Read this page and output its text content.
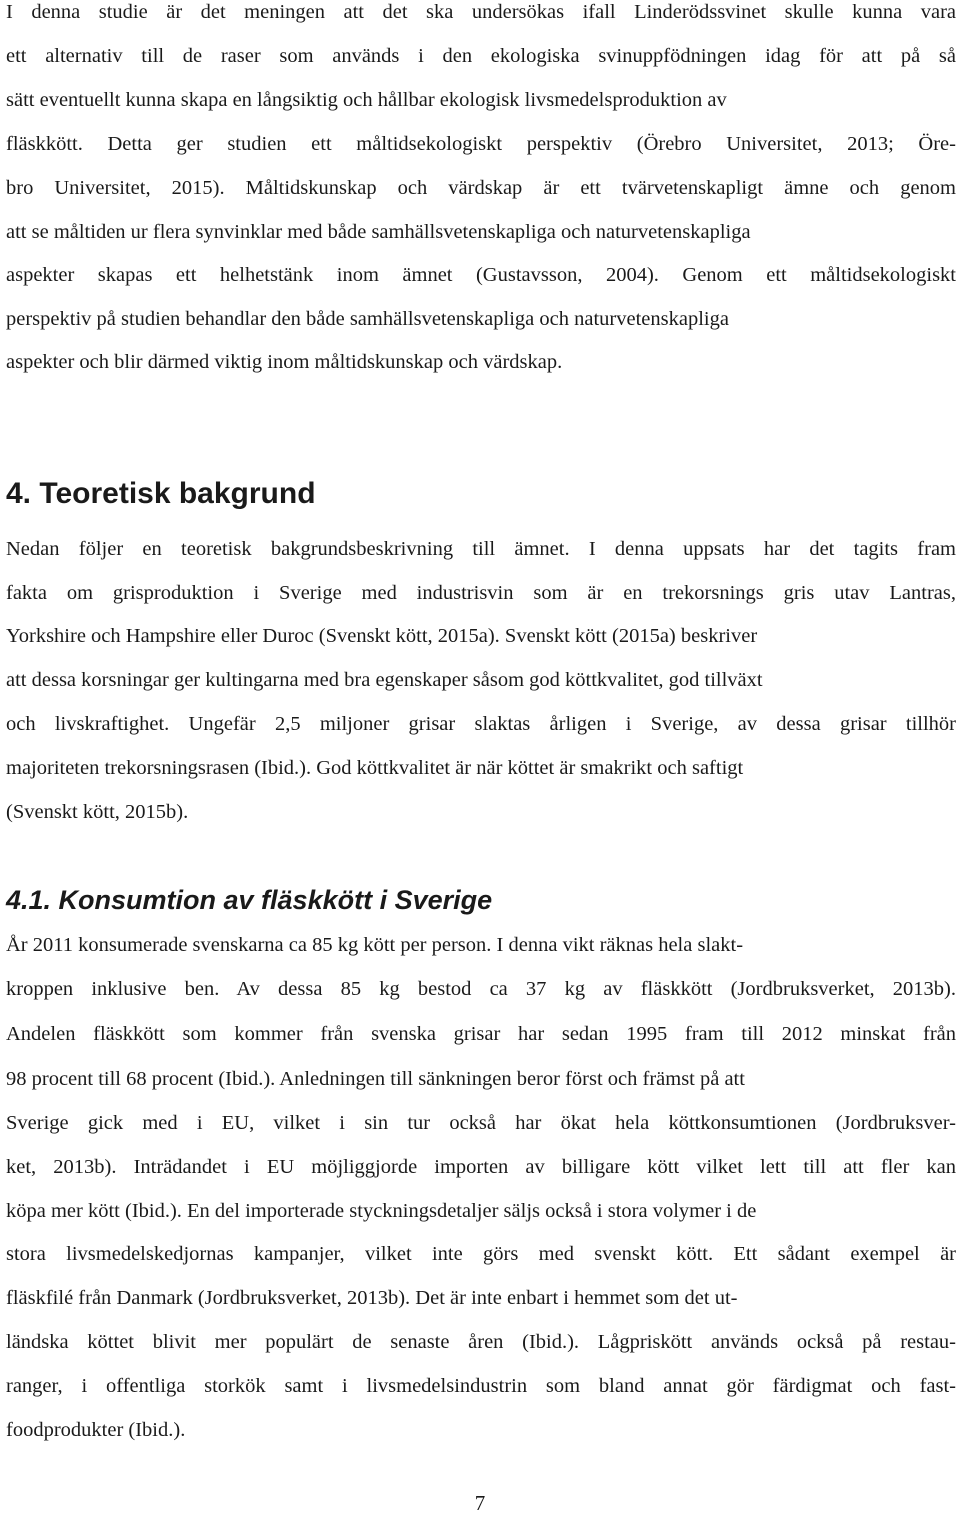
I denna studie är det meningen att det ska undersökas ifall Linderödssvinet skulle kunna vara
ett alternativ till de raser som används i den ekologiska svinuppfödningen idag för att på så
sätt eventuellt kunna skapa en långsiktig och hållbar ekologisk livsmedelsproduktion av
fläskkött. Detta ger studien ett måltidsekologiskt perspektiv (Örebro Universitet, 2013; Öre-
bro Universitet, 2015). Måltidskunskap och värdskap är ett tvärvetenskapligt ämne och genom
att se måltiden ur flera synvinklar med både samhällsvetenskapliga och naturvetenskapliga
aspekter skapas ett helhetstänk inom ämnet (Gustavsson, 2004). Genom ett måltidsekologiskt
perspektiv på studien behandlar den både samhällsvetenskapliga och naturvetenskapliga
aspekter och blir därmed viktig inom måltidskunskap och värdskap.
4. Teoretisk bakgrund
Nedan följer en teoretisk bakgrundsbeskrivning till ämnet. I denna uppsats har det tagits fram
fakta om grisproduktion i Sverige med industrisvin som är en trekorsnings gris utav Lantras,
Yorkshire och Hampshire eller Duroc (Svenskt kött, 2015a). Svenskt kött (2015a) beskriver
att dessa korsningar ger kultingarna med bra egenskaper såsom god köttkvalitet, god tillväxt
och livskraftighet. Ungefär 2,5 miljoner grisar slaktas årligen i Sverige, av dessa grisar tillhör
majoriteten trekorsningsrasen (Ibid.). God köttkvalitet är när köttet är smakrikt och saftigt
(Svenskt kött, 2015b).
4.1. Konsumtion av fläskkött i Sverige
År 2011 konsumerade svenskarna ca 85 kg kött per person. I denna vikt räknas hela slakt-
kroppen inklusive ben. Av dessa 85 kg bestod ca 37 kg av fläskkött (Jordbruksverket, 2013b).
Andelen fläskkött som kommer från svenska grisar har sedan 1995 fram till 2012 minskat från
98 procent till 68 procent (Ibid.). Anledningen till sänkningen beror först och främst på att
Sverige gick med i EU, vilket i sin tur också har ökat hela köttkonsumtionen (Jordbruksver-
ket, 2013b). Inträdandet i EU möjliggjorde importen av billigare kött vilket lett till att fler kan
köpa mer kött (Ibid.). En del importerade styckningsdetaljer säljs också i stora volymer i de
stora livsmedelskedjornas kampanjer, vilket inte görs med svenskt kött. Ett sådant exempel är
fläskfilé från Danmark (Jordbruksverket, 2013b). Det är inte enbart i hemmet som det ut-
ländska köttet blivit mer populärt de senaste åren (Ibid.). Lågpriskött används också på restau-
ranger, i offentliga storkök samt i livsmedelsindustrin som bland annat gör färdigmat och fast-
foodprodukter (Ibid.).
7
